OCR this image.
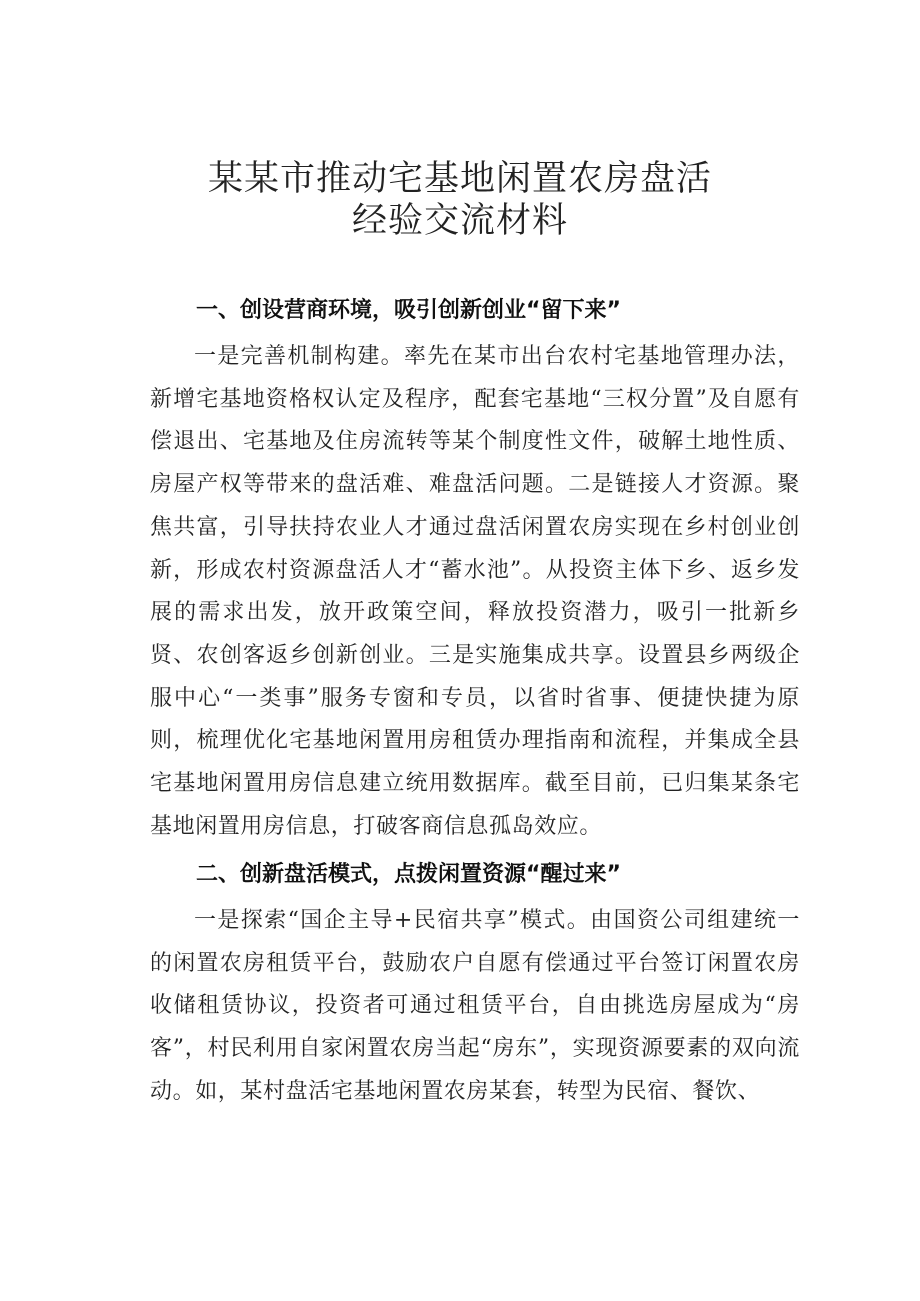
某某市推动宅基地闲置农房盘活
经验交流材料
一、创设营商环境，吸引创新创业“留下来”
一是完善机制构建。率先在某市出台农村宅基地管理办法，新增宅基地资格权认定及程序，配套宅基地“三权分置”及自愿有偿退出、宅基地及住房流转等某个制度性文件，破解土地性质、房屋产权等带来的盘活难、难盘活问题。二是链接人才资源。聚焦共富，引导扶持农业人才通过盘活闲置农房实现在乡村创业创新，形成农村资源盘活人才“蓄水池”。从投资主体下乡、返乡发展的需求出发，放开政策空间，释放投资潜力，吸引一批新乡贤、农创客返乡创新创业。三是实施集成共享。设置县乡两级企服中心“一类事”服务专窗和专员，以省时省事、便捷快捷为原则，梳理优化宅基地闲置用房租赁办理指南和流程，并集成全县宅基地闲置用房信息建立统用数据库。截至目前，已归集某条宅基地闲置用房信息，打破客商信息孤岛效应。
二、创新盘活模式，点拨闲置资源“醒过来”
一是探索“国企主导+民宿共享”模式。由国资公司组建统一的闲置农房租赁平台，鼓励农户自愿有偿通过平台签订闲置农房收储租赁协议，投资者可通过租赁平台，自由挑选房屋成为“房客”，村民利用自家闲置农房当起“房东”，实现资源要素的双向流动。如，某村盘活宅基地闲置农房某套，转型为民宿、餐饮、
